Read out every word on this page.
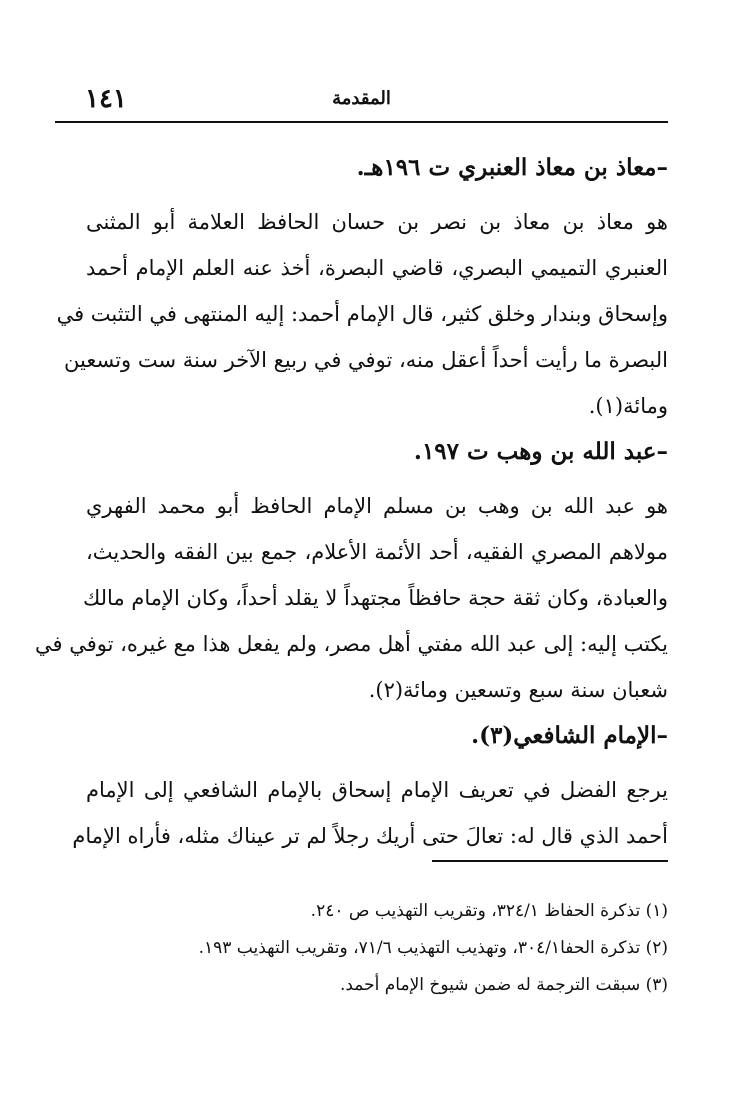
١٤١	المقدمة
–معاذ بن معاذ العنبري ت ١٩٦هـ.
هو معاذ بن معاذ بن نصر بن حسان الحافظ العلامة أبو المثنى
العنبري التميمي البصري، قاضي البصرة، أخذ عنه العلم الإمام أحمد
وإسحاق وبندار وخلق كثير، قال الإمام أحمد: إليه المنتهى في التثبت في
البصرة ما رأيت أحداً أعقل منه، توفي في ربيع الآخر سنة ست وتسعين
ومائة(١).
–عبد الله بن وهب ت ١٩٧.
هو عبد الله بن وهب بن مسلم الإمام الحافظ أبو محمد الفهري
مولاهم المصري الفقيه، أحد الأئمة الأعلام، جمع بين الفقه والحديث،
والعبادة، وكان ثقة حجة حافظاً مجتهداً لا يقلد أحداً، وكان الإمام مالك
يكتب إليه: إلى عبد الله مفتي أهل مصر، ولم يفعل هذا مع غيره، توفي في
شعبان سنة سبع وتسعين ومائة(٢).
–الإمام الشافعي(٣).
يرجع الفضل في تعريف الإمام إسحاق بالإمام الشافعي إلى الإمام
أحمد الذي قال له: تعالَ حتى أريك رجلاً لم تر عيناك مثله، فأراه الإمام
(١) تذكرة الحفاظ ٣٢٤/١، وتقريب التهذيب ص ٢٤٠.
(٢) تذكرة الحفا٣٠٤/١، وتهذيب التهذيب ٧١/٦، وتقريب التهذيب ١٩٣.
(٣) سبقت الترجمة له ضمن شيوخ الإمام أحمد.
